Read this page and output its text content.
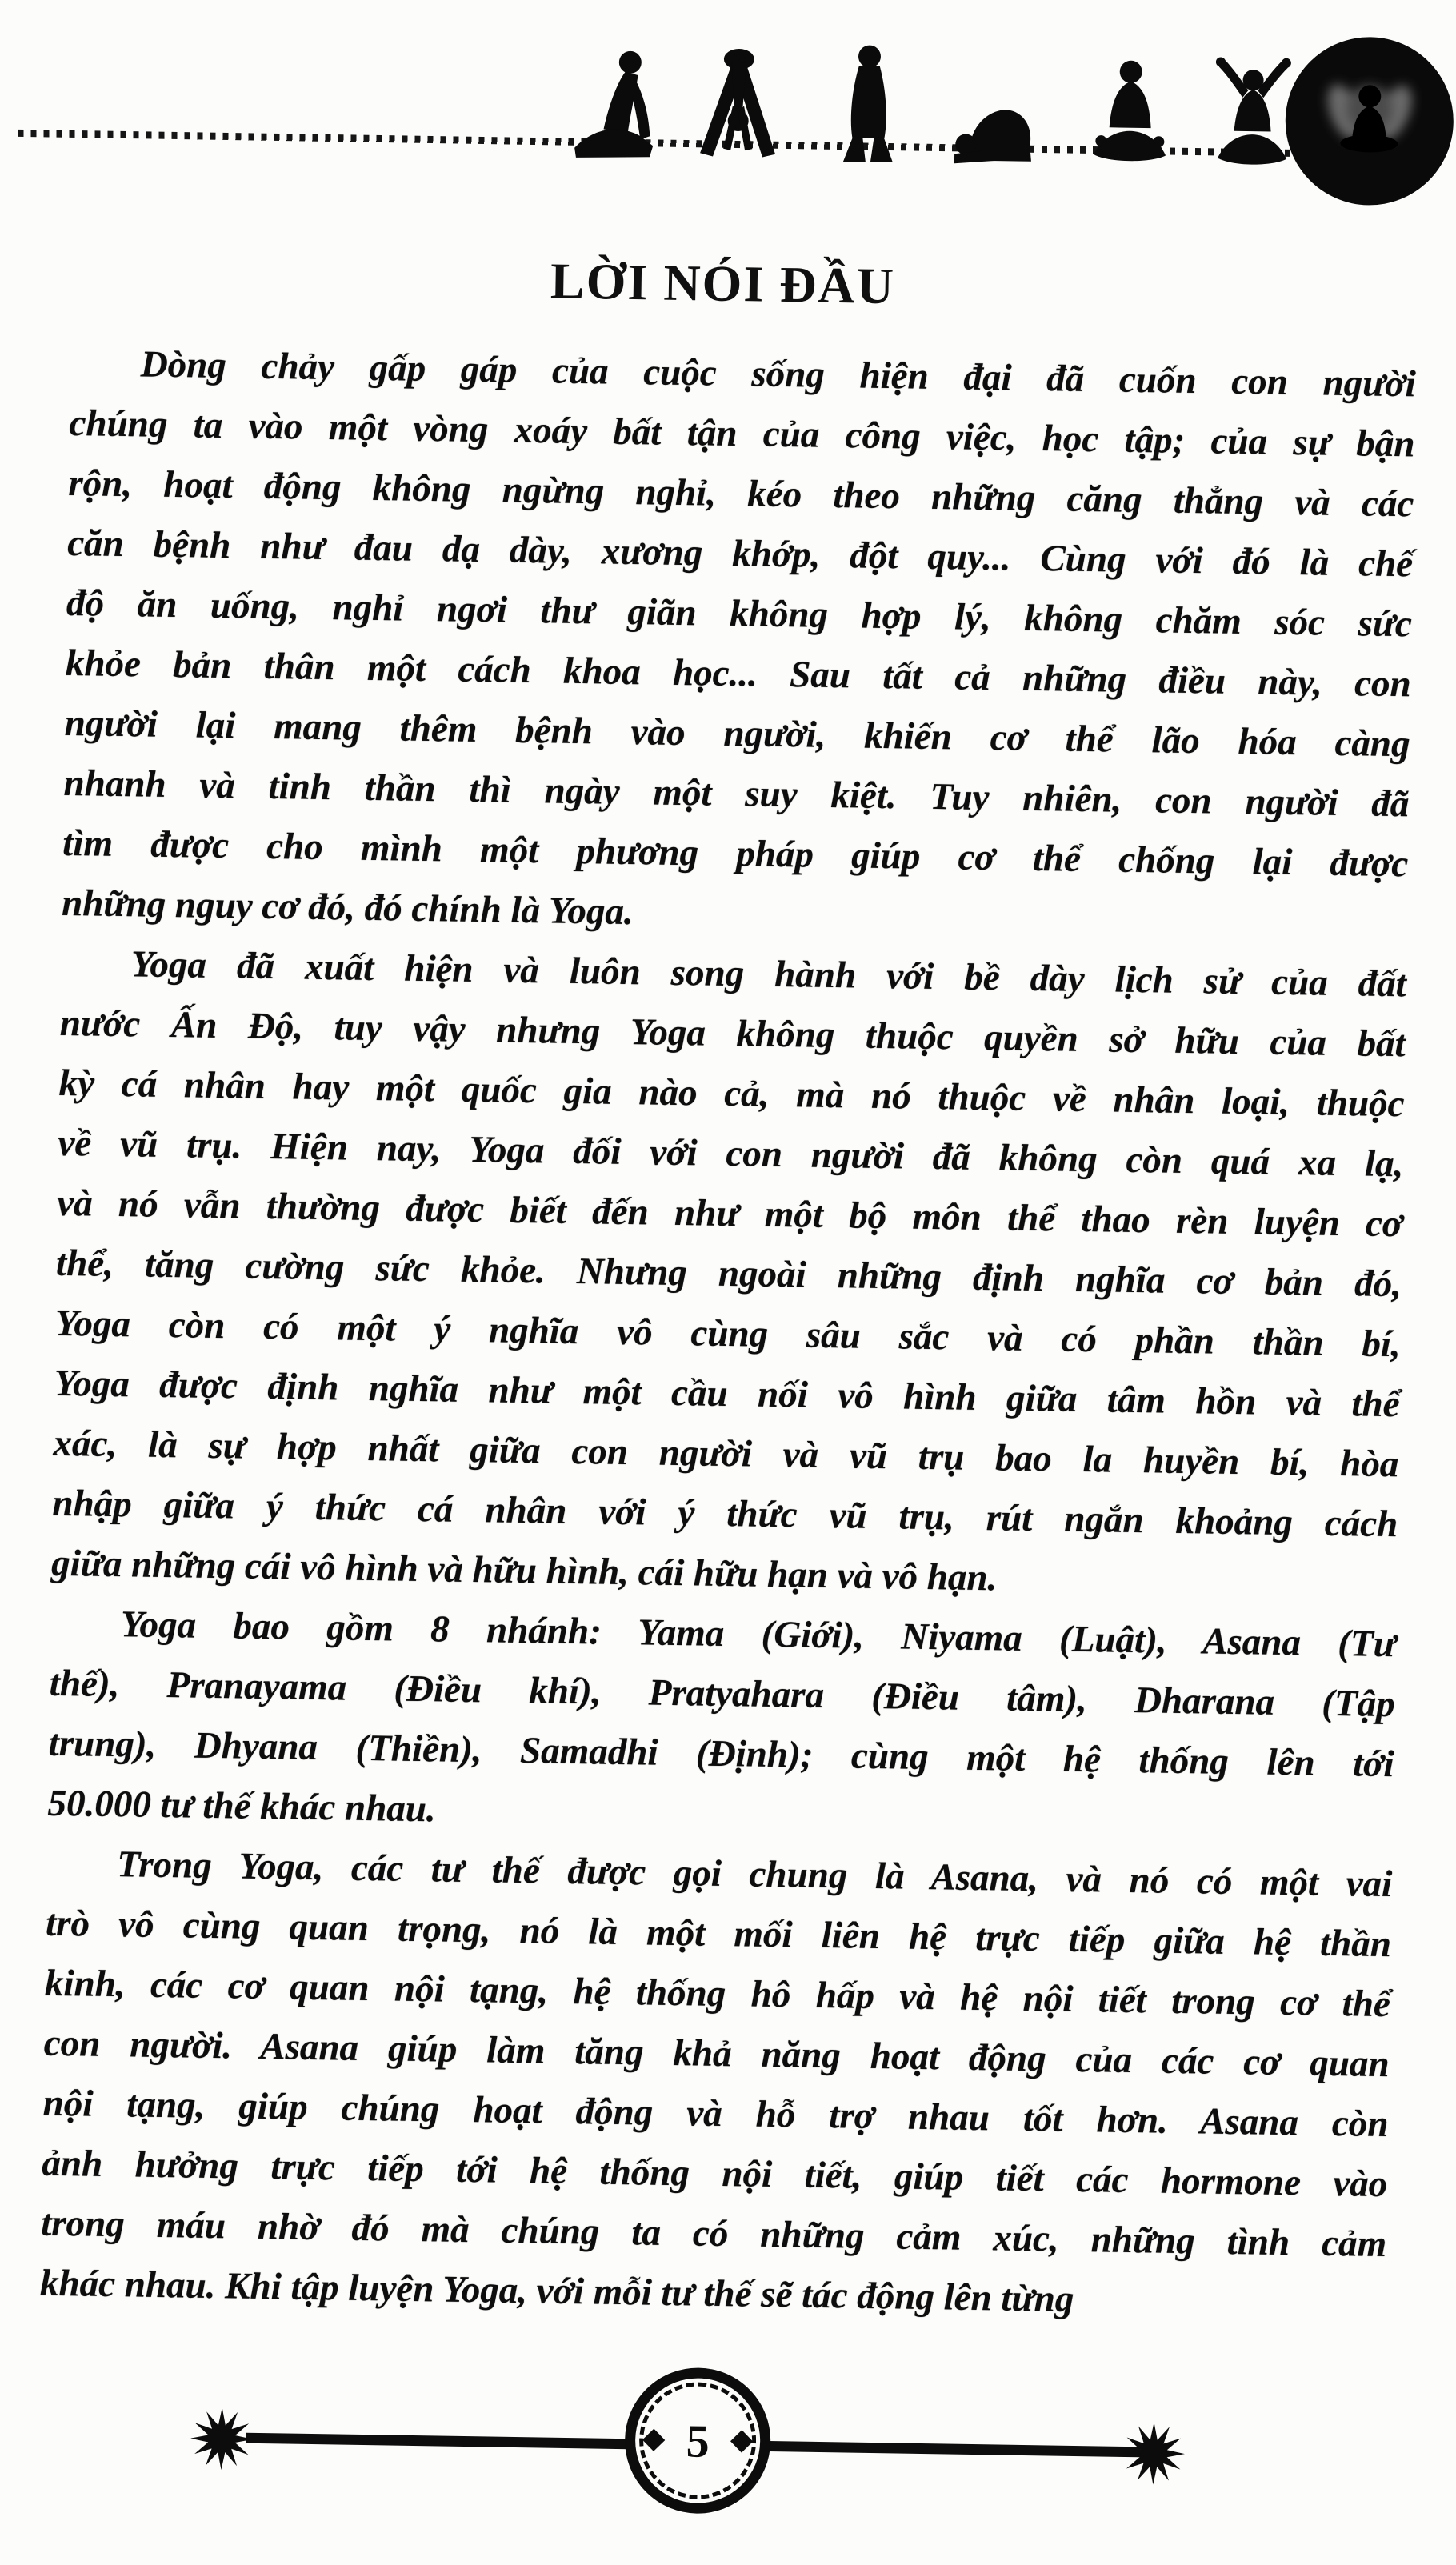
LỜI NÓI ĐẦU

Dòng chảy gấp gáp của cuộc sống hiện đại đã cuốn con người
chúng ta vào một vòng xoáy bất tận của công việc, học tập; của sự bận
rộn, hoạt động không ngừng nghỉ, kéo theo những căng thẳng và các
căn bệnh như đau dạ dày, xương khớp, đột quy... Cùng với đó là chế
độ ăn uống, nghỉ ngơi thư giãn không hợp lý, không chăm sóc sức
khỏe bản thân một cách khoa học... Sau tất cả những điều này, con
người lại mang thêm bệnh vào người, khiến cơ thể lão hóa càng
nhanh và tinh thần thì ngày một suy kiệt. Tuy nhiên, con người đã
tìm được cho mình một phương pháp giúp cơ thể chống lại được
những nguy cơ đó, đó chính là Yoga.

Yoga đã xuất hiện và luôn song hành với bề dày lịch sử của đất
nước Ấn Độ, tuy vậy nhưng Yoga không thuộc quyền sở hữu của bất
kỳ cá nhân hay một quốc gia nào cả, mà nó thuộc về nhân loại, thuộc
về vũ trụ. Hiện nay, Yoga đối với con người đã không còn quá xa lạ,
và nó vẫn thường được biết đến như một bộ môn thể thao rèn luyện cơ
thể, tăng cường sức khỏe. Nhưng ngoài những định nghĩa cơ bản đó,
Yoga còn có một ý nghĩa vô cùng sâu sắc và có phần thần bí,
Yoga được định nghĩa như một cầu nối vô hình giữa tâm hồn và thể
xác, là sự hợp nhất giữa con người và vũ trụ bao la huyền bí, hòa
nhập giữa ý thức cá nhân với ý thức vũ trụ, rút ngắn khoảng cách
giữa những cái vô hình và hữu hình, cái hữu hạn và vô hạn.

Yoga bao gồm 8 nhánh: Yama (Giới), Niyama (Luật), Asana (Tư
thế), Pranayama (Điều khí), Pratyahara (Điều tâm), Dharana (Tập
trung), Dhyana (Thiền), Samadhi (Định); cùng một hệ thống lên tới
50.000 tư thế khác nhau.

Trong Yoga, các tư thế được gọi chung là Asana, và nó có một vai
trò vô cùng quan trọng, nó là một mối liên hệ trực tiếp giữa hệ thần
kinh, các cơ quan nội tạng, hệ thống hô hấp và hệ nội tiết trong cơ thể
con người. Asana giúp làm tăng khả năng hoạt động của các cơ quan
nội tạng, giúp chúng hoạt động và hỗ trợ nhau tốt hơn. Asana còn
ảnh hưởng trực tiếp tới hệ thống nội tiết, giúp tiết các hormone vào
trong máu nhờ đó mà chúng ta có những cảm xúc, những tình cảm
khác nhau. Khi tập luyện Yoga, với mỗi tư thế sẽ tác động lên từng

5
